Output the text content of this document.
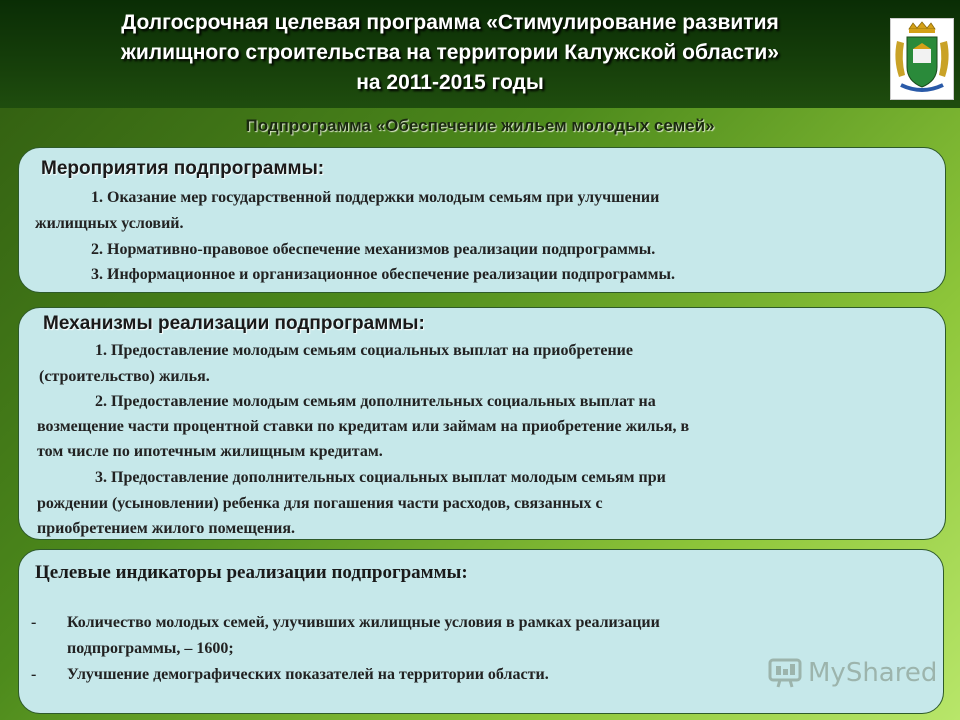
Долгосрочная целевая программа «Стимулирование развития
жилищного строительства на территории Калужской области»
на 2011-2015 годы
Подпрограмма «Обеспечение жильем молодых семей»
Мероприятия подпрограммы:
1. Оказание мер государственной поддержки молодым семьям при улучшении
жилищных условий.
2. Нормативно-правовое обеспечение механизмов реализации подпрограммы.
3. Информационное и организационное обеспечение реализации подпрограммы.
Механизмы реализации подпрограммы:
1. Предоставление молодым семьям социальных выплат на приобретение
(строительство) жилья.
2. Предоставление молодым семьям дополнительных социальных выплат на
возмещение части процентной ставки по кредитам или займам на приобретение жилья, в
том числе по ипотечным жилищным кредитам.
3. Предоставление дополнительных социальных выплат молодым семьям при
рождении (усыновлении) ребенка для погашения части расходов, связанных с
приобретением жилого помещения.
Целевые индикаторы реализации подпрограммы:
- Количество молодых семей, улучивших жилищные условия в рамках реализации
подпрограммы, – 1600;
- Улучшение демографических показателей на территории области.	MyShared
